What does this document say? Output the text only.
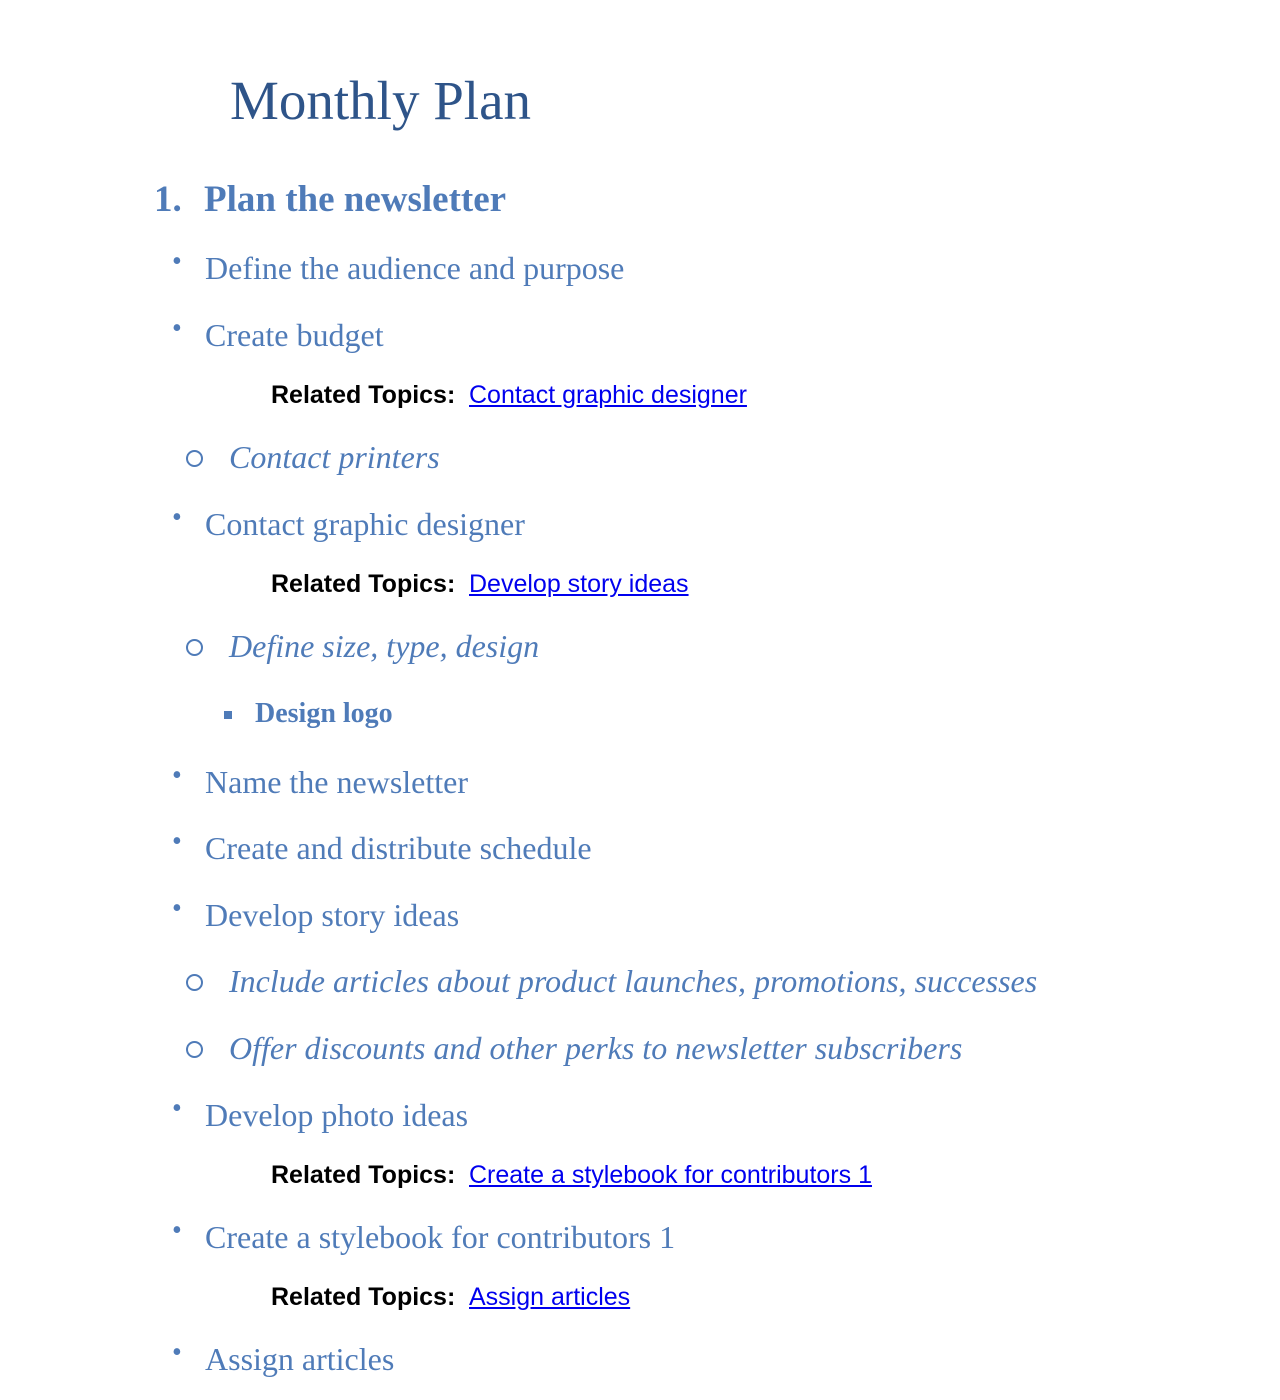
Monthly Plan
1. Plan the newsletter
• Define the audience and purpose
• Create budget
Related Topics: Contact graphic designer
Contact printers
• Contact graphic designer
Related Topics: Develop story ideas
Define size, type, design
Design logo
• Name the newsletter
• Create and distribute schedule
• Develop story ideas
Include articles about product launches, promotions, successes
Offer discounts and other perks to newsletter subscribers
• Develop photo ideas
Related Topics: Create a stylebook for contributors 1
• Create a stylebook for contributors 1
Related Topics: Assign articles
• Assign articles
